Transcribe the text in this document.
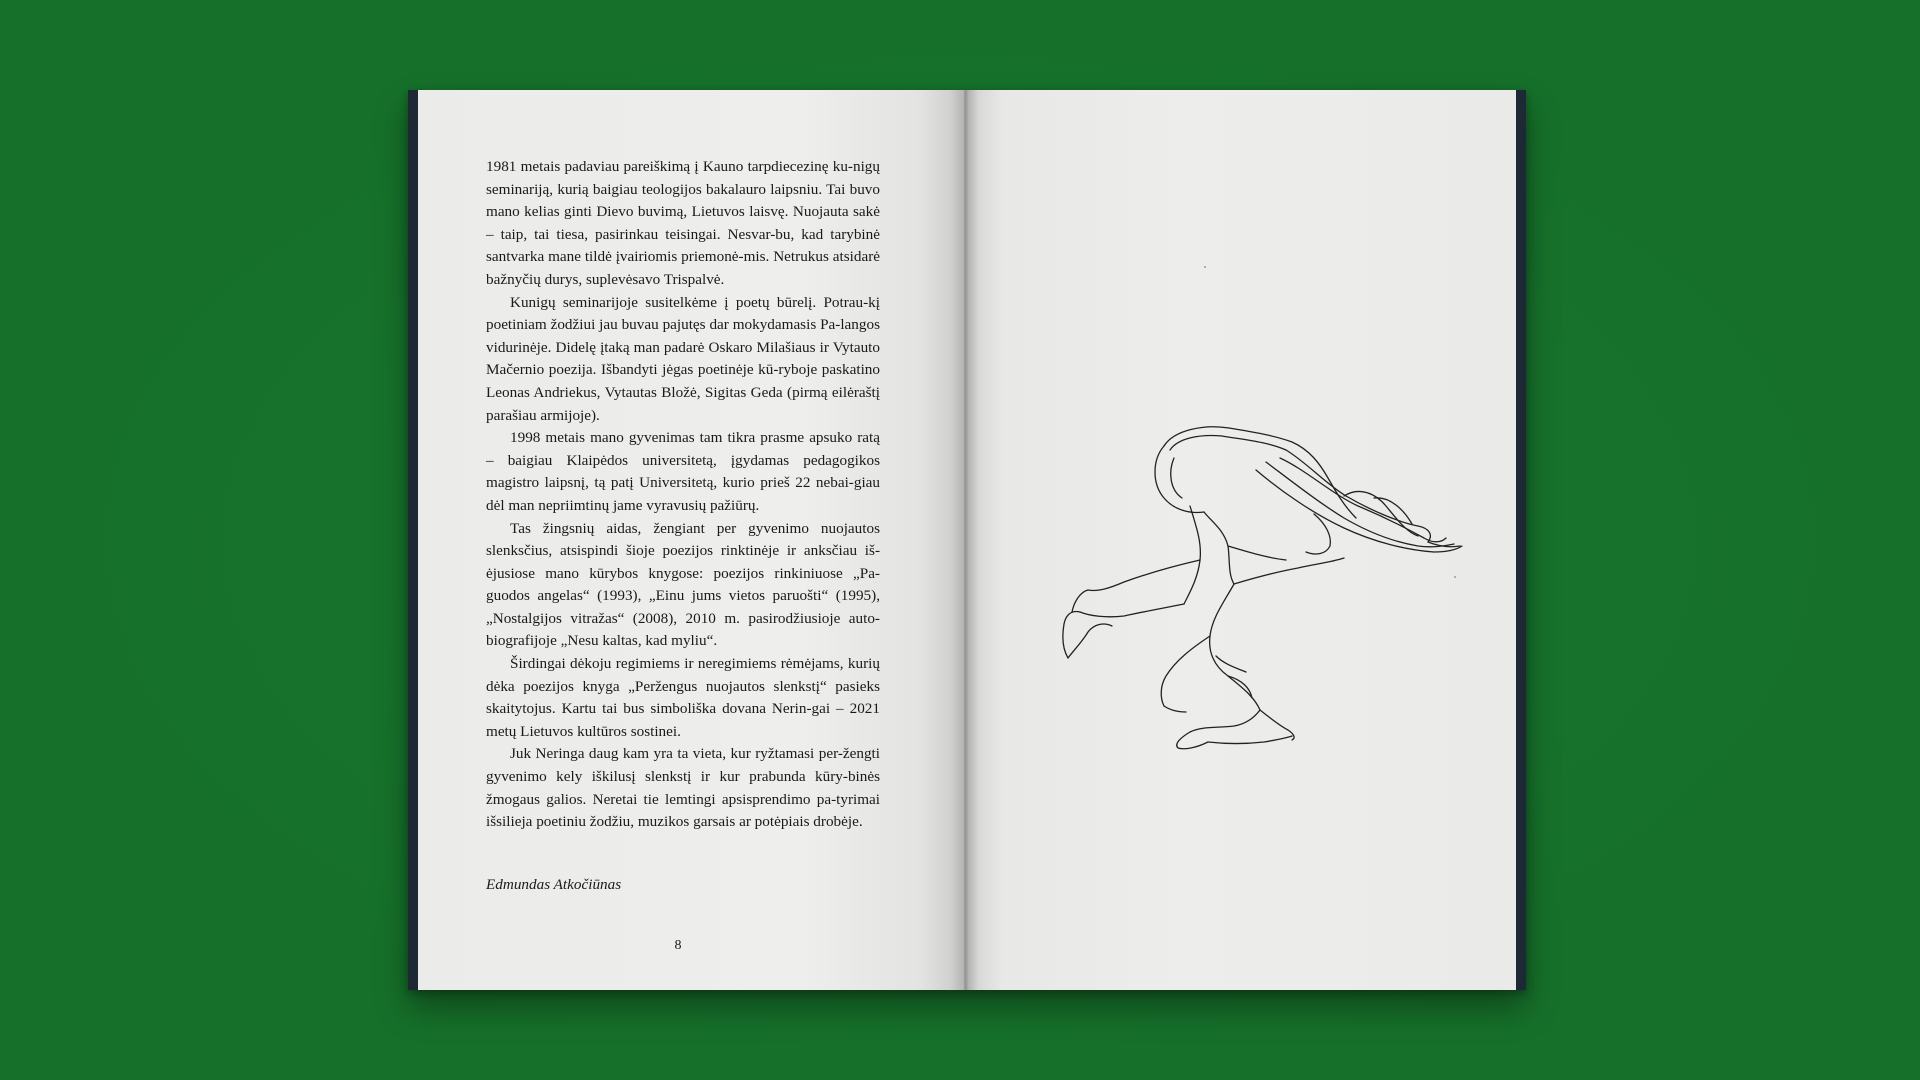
1981 metais padaviau pareiškimą į Kauno tarpdiecezinę ku-nigų seminariją, kurią baigiau teologijos bakalauro laipsniu. Tai buvo mano kelias ginti Dievo buvimą, Lietuvos laisvę. Nuojauta sakė – taip, tai tiesa, pasirinkau teisingai. Nesvar-bu, kad tarybinė santvarka mane tildė įvairiomis priemonė-mis. Netrukus atsidarė bažnyčių durys, suplevėsavo Trispalvė.

Kunigų seminarijoje susitelkėme į poetų būrelį. Potrau-kį poetiniam žodžiui jau buvau pajutęs dar mokydamasis Pa-langos vidurinėje. Didelę įtaką man padarė Oskaro Milašiaus ir Vytauto Mačernio poezija. Išbandyti jėgas poetinėje kū-ryboje paskatino Leonas Andriekus, Vytautas Bložė, Sigitas Geda (pirmą eilėraštį parašiau armijoje).

1998 metais mano gyvenimas tam tikra prasme apsuko ratą – baigiau Klaipėdos universitetą, įgydamas pedagogikos magistro laipsnį, tą patį Universitetą, kurio prieš 22 nebai-giau dėl man nepriimtinų jame vyravusių pažiūrų.

Tas žingsnių aidas, žengiant per gyvenimo nuojautos slenksčius, atsispindi šioje poezijos rinktinėje ir anksčiau iš-ėjusiose mano kūrybos knygose: poezijos rinkiniuose „Pa-guodos angelas“ (1993), „Einu jums vietos paruošti“ (1995), „Nostalgijos vitražas“ (2008), 2010 m. pasirodžiusioje auto-biografijoje „Nesu kaltas, kad myliu“.

Širdingai dėkoju regimiems ir neregimiems rėmėjams, kurių dėka poezijos knyga „Peržengus nuojautos slenkstį“ pasieks skaitytojus. Kartu tai bus simboliška dovana Nerin-gai – 2021 metų Lietuvos kultūros sostinei.

Juk Neringa daug kam yra ta vieta, kur ryžtamasi per-žengti gyvenimo kely iškilusį slenkstį ir kur prabunda kūry-binės žmogaus galios. Neretai tie lemtingi apsisprendimo pa-tyrimai išsilieja poetiniu žodžiu, muzikos garsais ar potėpiais drobėje.

Edmundas Atkočiūnas
8
